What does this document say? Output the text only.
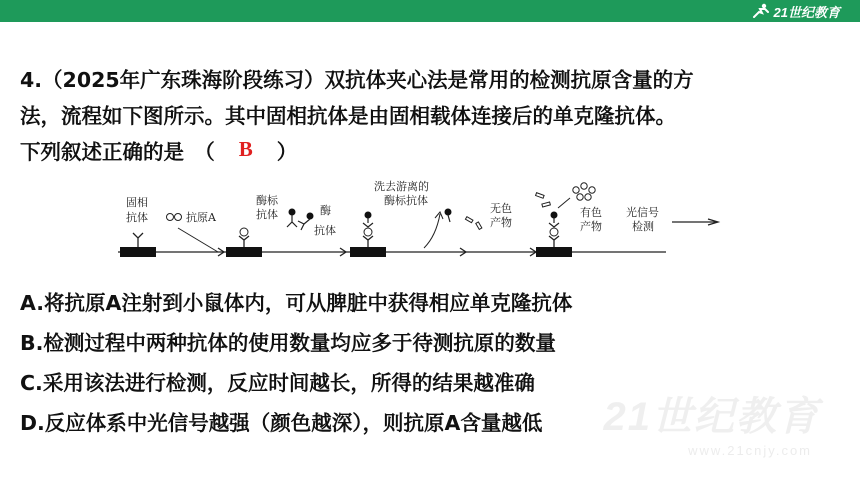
21世纪教育
4.（2025年广东珠海阶段练习）双抗体夹心法是常用的检测抗原含量的方
法，流程如下图所示。其中固相抗体是由固相载体连接后的单克隆抗体。
下列叙述正确的是　（ B ）
固相
抗体	抗原A
酶标
抗体	酶
抗体
洗去游离的
酶标抗体
无色
产物
有色
产物
光信号
检测
A.将抗原A注射到小鼠体内，可从脾脏中获得相应单克隆抗体
B.检测过程中两种抗体的使用数量均应多于待测抗原的数量
C.采用该法进行检测，反应时间越长，所得的结果越准确
D.反应体系中光信号越强（颜色越深），则抗原A含量越低	21世纪教育
www.21cnjy.com
